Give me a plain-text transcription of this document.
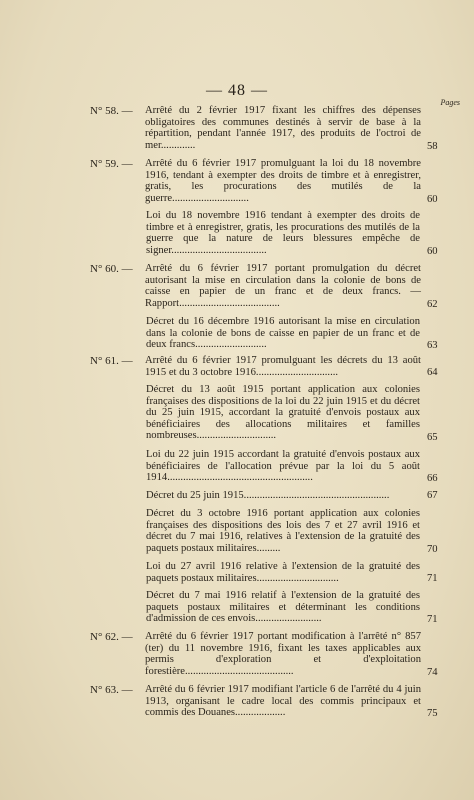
— 48 —
Pages
N° 58. — Arrêté du 2 février 1917 fixant les chiffres des dépenses obligatoires des communes destinés à servir de base à la répartition, pendant l'année 1917, des produits de l'octroi de mer.............	58
N° 59. — Arrêté du 6 février 1917 promulguant la loi du 18 novembre 1916, tendant à exempter des droits de timbre et à enregistrer, gratis, les procurations des mutilés de la guerre.............................	60
Loi du 18 novembre 1916 tendant à exempter des droits de timbre et à enregistrer, gratis, les procurations des mutilés de la guerre que la nature de leurs blessures empêche de signer....................................	60
N° 60. — Arrêté du 6 février 1917 portant promulgation du décret autorisant la mise en circulation dans la colonie de bons de caisse en papier de un franc et de deux francs. — Rapport......................................	62
Décret du 16 décembre 1916 autorisant la mise en circulation dans la colonie de bons de caisse en papier de un franc et de deux francs...........................	63
N° 61. — Arrêté du 6 février 1917 promulguant les décrets du 13 août 1915 et du 3 octobre 1916...............................	64
Décret du 13 août 1915 portant application aux colonies françaises des dispositions de la loi du 22 juin 1915 et du décret du 25 juin 1915, accordant la gratuité d'envois postaux aux bénéficiaires des allocations militaires et familles nombreuses..............................	65
Loi du 22 juin 1915 accordant la gratuité d'envois postaux aux bénéficiaires de l'allocation prévue par la loi du 5 août 1914.......................................................	66
Décret du 25 juin 1915.......................................................	67
Décret du 3 octobre 1916 portant application aux colonies françaises des dispositions des lois des 7 et 27 avril 1916 et décret du 7 mai 1916, relatives à l'extension de la gratuité des paquets postaux militaires.........	70
Loi du 27 avril 1916 relative à l'extension de la gratuité des paquets postaux militaires...............................	71
Décret du 7 mai 1916 relatif à l'extension de la gratuité des paquets postaux militaires et déterminant les conditions d'admission de ces envois.........................	71
N° 62. — Arrêté du 6 février 1917 portant modification à l'arrêté n° 857 (ter) du 11 novembre 1916, fixant les taxes applicables aux permis d'exploration et d'exploitation forestière.........................................	74
N° 63. — Arrêté du 6 février 1917 modifiant l'article 6 de l'arrêté du 4 juin 1913, organisant le cadre local des commis principaux et commis des Douanes...................	75
